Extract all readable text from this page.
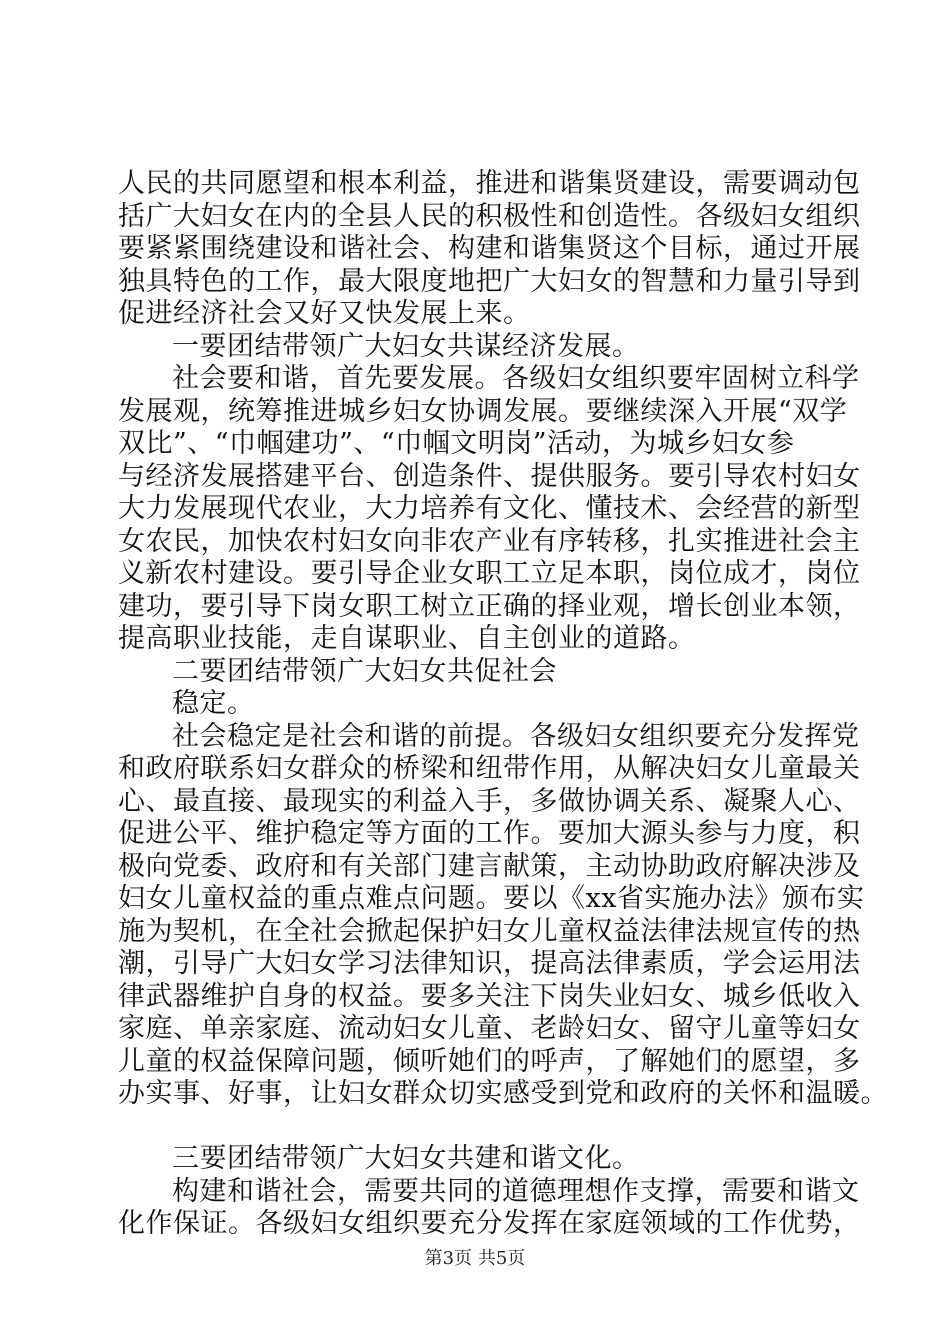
人民的共同愿望和根本利益，推进和谐集贤建设，需要调动包
括广大妇女在内的全县人民的积极性和创造性。各级妇女组织
要紧紧围绕建设和谐社会、构建和谐集贤这个目标，通过开展
独具特色的工作，最大限度地把广大妇女的智慧和力量引导到
促进经济社会又好又快发展上来。
一要团结带领广大妇女共谋经济发展。
社会要和谐，首先要发展。各级妇女组织要牢固树立科学
发展观，统筹推进城乡妇女协调发展。要继续深入开展“双学
双比”、“巾帼建功”、“巾帼文明岗”活动，为城乡妇女参
与经济发展搭建平台、创造条件、提供服务。要引导农村妇女
大力发展现代农业，大力培养有文化、懂技术、会经营的新型
女农民，加快农村妇女向非农产业有序转移，扎实推进社会主
义新农村建设。要引导企业女职工立足本职，岗位成才，岗位
建功，要引导下岗女职工树立正确的择业观，增长创业本领，
提高职业技能，走自谋职业、自主创业的道路。
二要团结带领广大妇女共促社会
稳定。
社会稳定是社会和谐的前提。各级妇女组织要充分发挥党
和政府联系妇女群众的桥梁和纽带作用，从解决妇女儿童最关
心、最直接、最现实的利益入手，多做协调关系、凝聚人心、
促进公平、维护稳定等方面的工作。要加大源头参与力度，积
极向党委、政府和有关部门建言献策，主动协助政府解决涉及
妇女儿童权益的重点难点问题。要以《xx省实施办法》颁布实
施为契机，在全社会掀起保护妇女儿童权益法律法规宣传的热
潮，引导广大妇女学习法律知识，提高法律素质，学会运用法
律武器维护自身的权益。要多关注下岗失业妇女、城乡低收入
家庭、单亲家庭、流动妇女儿童、老龄妇女、留守儿童等妇女
儿童的权益保障问题，倾听她们的呼声，了解她们的愿望，多
办实事、好事，让妇女群众切实感受到党和政府的关怀和温暖。
三要团结带领广大妇女共建和谐文化。
构建和谐社会，需要共同的道德理想作支撑，需要和谐文
化作保证。各级妇女组织要充分发挥在家庭领域的工作优势，
第3页 共5页
